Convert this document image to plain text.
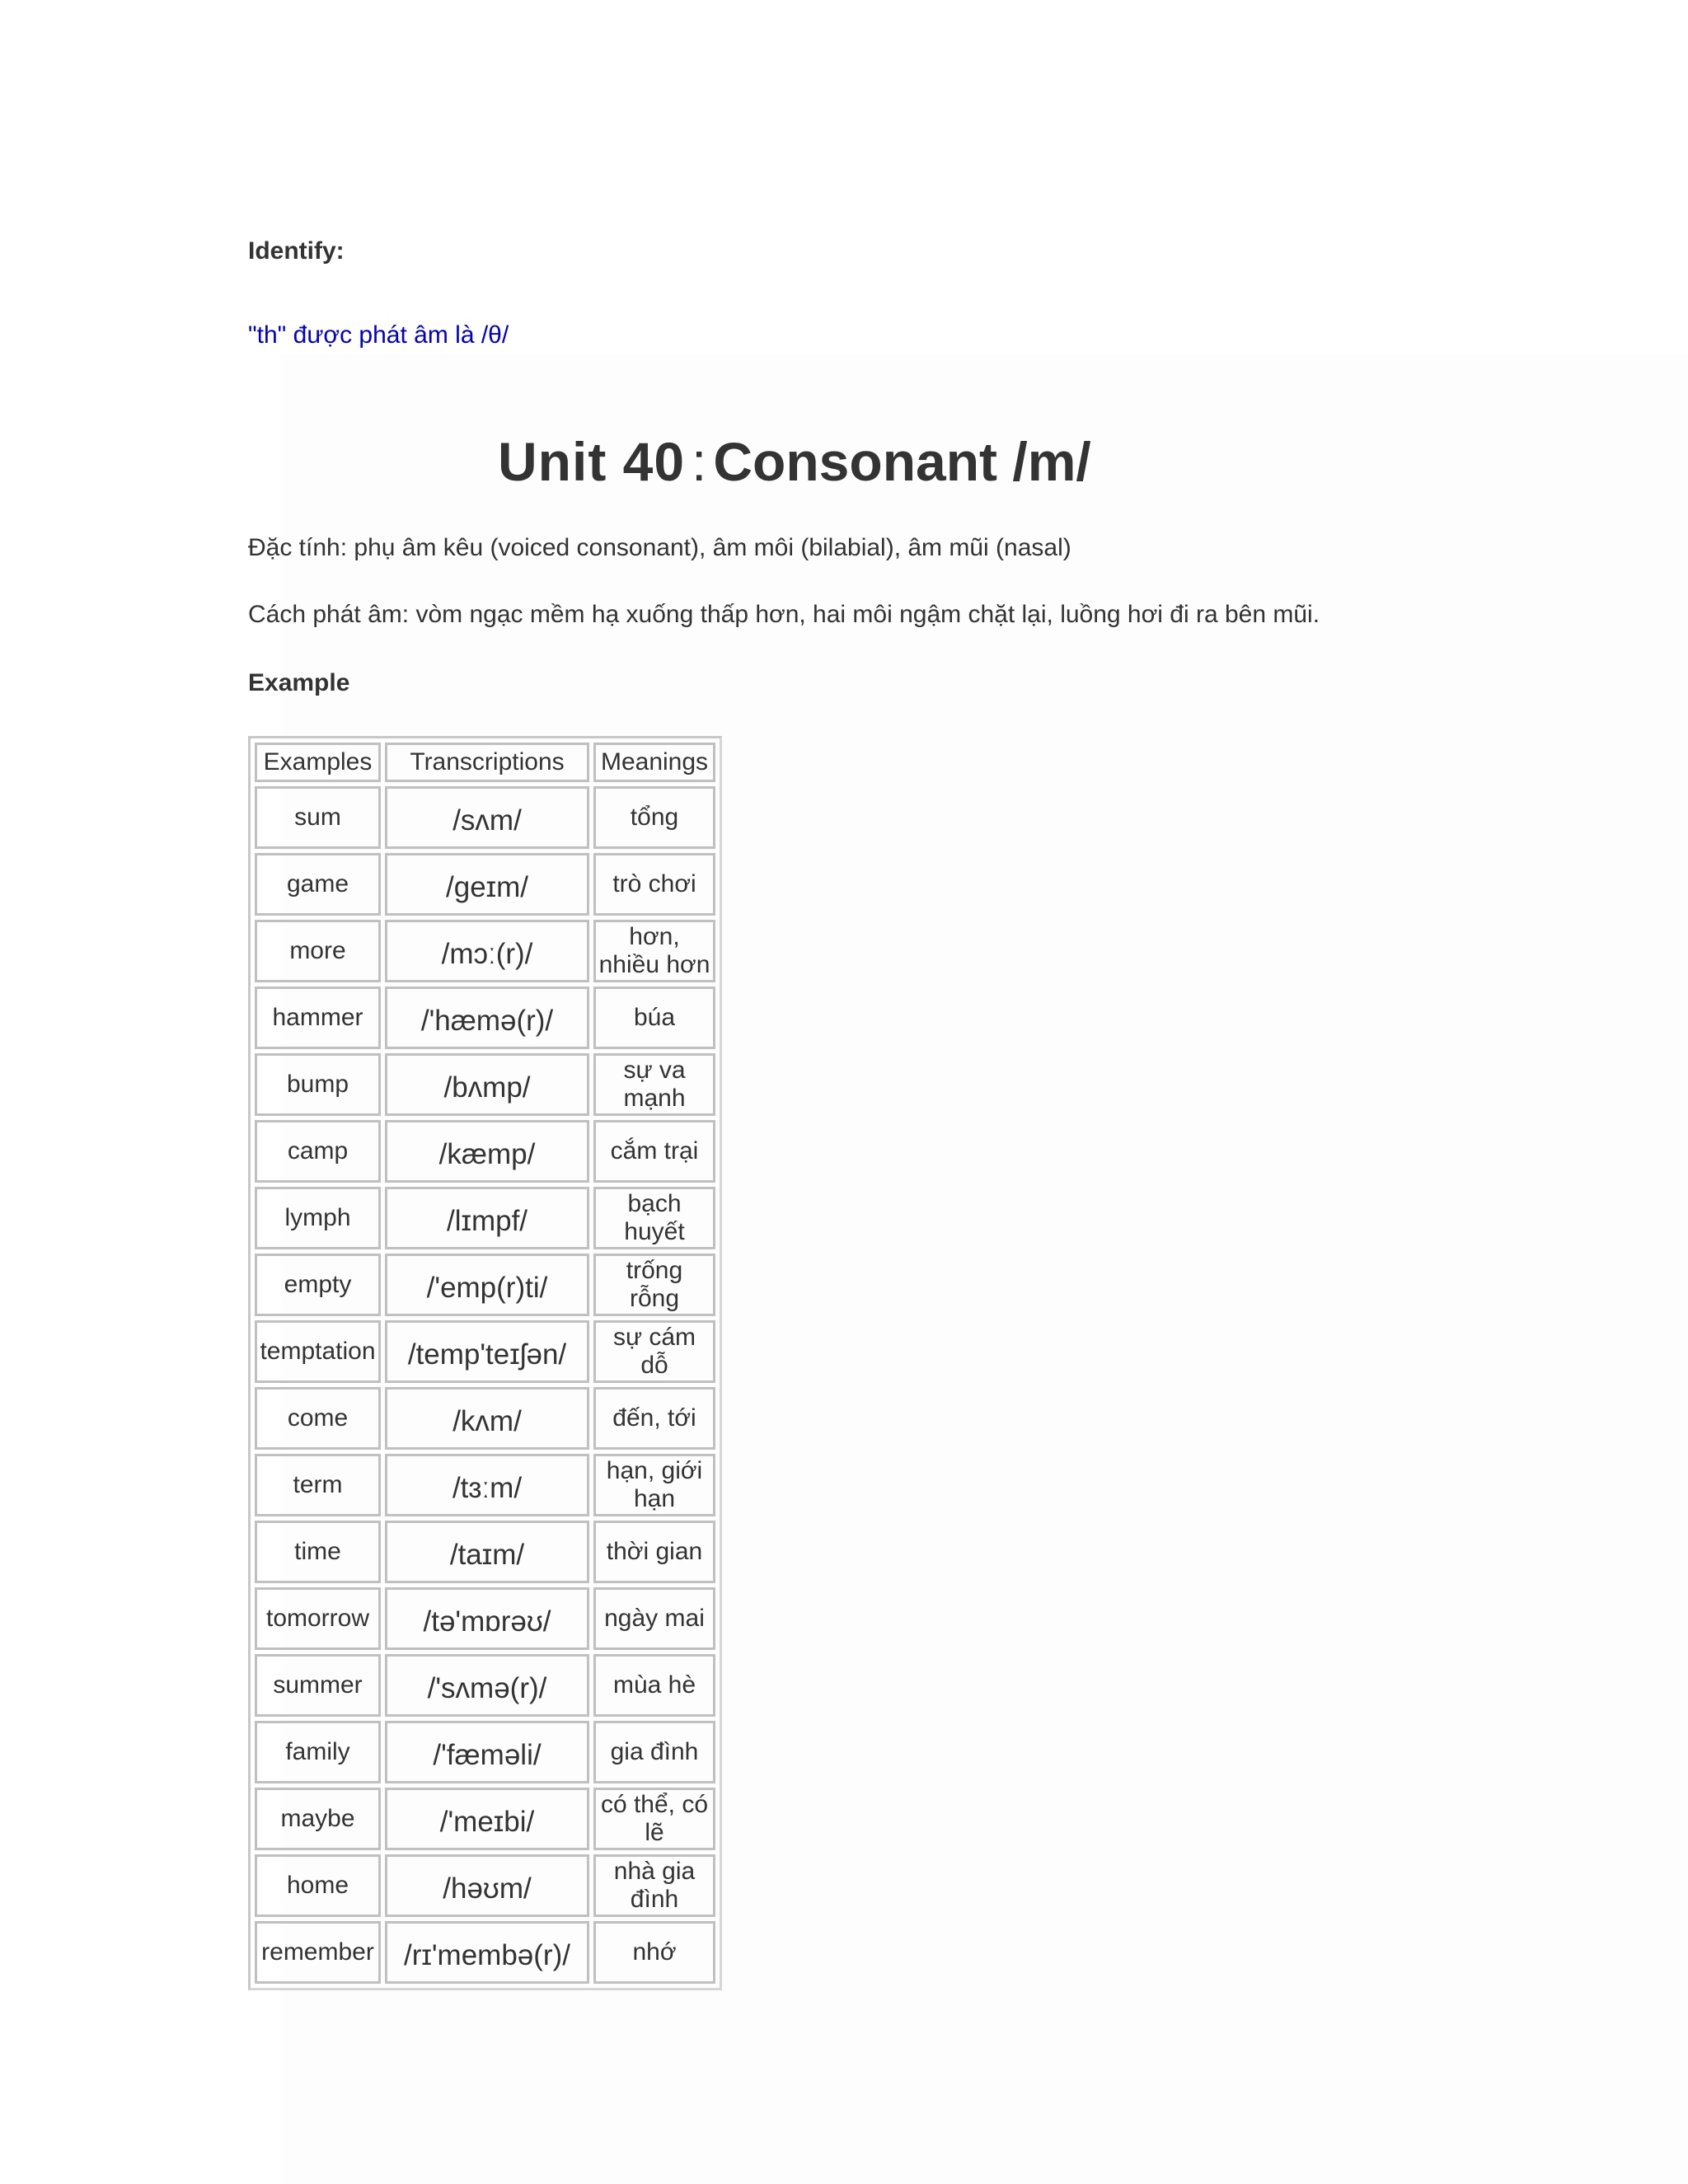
Identify:
"th" được phát âm là /θ/
Unit 40 : Consonant /m/
Đặc tính: phụ âm kêu (voiced consonant), âm môi (bilabial), âm mũi (nasal)
Cách phát âm: vòm ngạc mềm hạ xuống thấp hơn, hai môi ngậm chặt lại, luồng hơi đi ra bên mũi.
Example
Examples	Transcriptions	Meanings
sum	/sʌm/	tổng
game	/geɪm/	trò chơi
more	/mɔː(r)/	hơn, nhiều hơn
hammer	/'hæmə(r)/	búa
bump	/bʌmp/	sự va mạnh
camp	/kæmp/	cắm trại
lymph	/lɪmpf/	bạch huyết
empty	/'emp(r)ti/	trống rỗng
temptation	/temp'teɪʃən/	sự cám dỗ
come	/kʌm/	đến, tới
term	/tɜːm/	hạn, giới hạn
time	/taɪm/	thời gian
tomorrow	/tə'mɒrəʊ/	ngày mai
summer	/'sʌmə(r)/	mùa hè
family	/'fæməli/	gia đình
maybe	/'meɪbi/	có thể, có lẽ
home	/həʊm/	nhà gia đình
remember	/rɪ'membə(r)/	nhớ
